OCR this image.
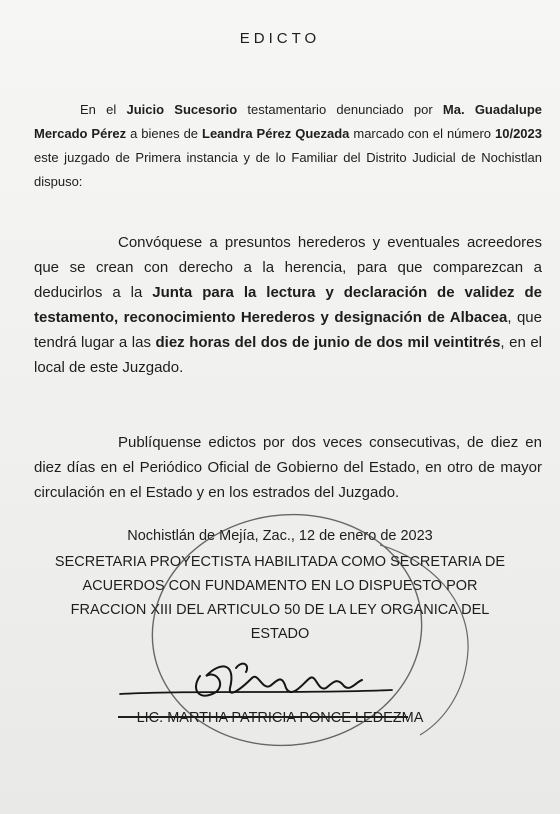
EDICTO
En el Juicio Sucesorio testamentario denunciado por Ma. Guadalupe Mercado Pérez a bienes de Leandra Pérez Quezada marcado con el número 10/2023 este juzgado de Primera instancia y de lo Familiar del Distrito Judicial de Nochistlan dispuso:
Convóquese a presuntos herederos y eventuales acreedores que se crean con derecho a la herencia, para que comparezcan a deducirlos a la Junta para la lectura y declaración de validez de testamento, reconocimiento Herederos y designación de Albacea, que tendrá lugar a las diez horas del dos de junio de dos mil veintitrés, en el local de este Juzgado.
Publíquense edictos por dos veces consecutivas, de diez en diez días en el Periódico Oficial de Gobierno del Estado, en otro de mayor circulación en el Estado y en los estrados del Juzgado.
Nochistlán de Mejía, Zac., 12 de enero de 2023
SECRETARIA PROYECTISTA HABILITADA COMO SECRETARIA DE
ACUERDOS CON FUNDAMENTO EN LO DISPUESTO POR
FRACCION XIII DEL ARTICULO 50 DE LA LEY ORGANICA DEL
ESTADO
LIC. MARTHA PATRICIA PONCE LEDEZMA
